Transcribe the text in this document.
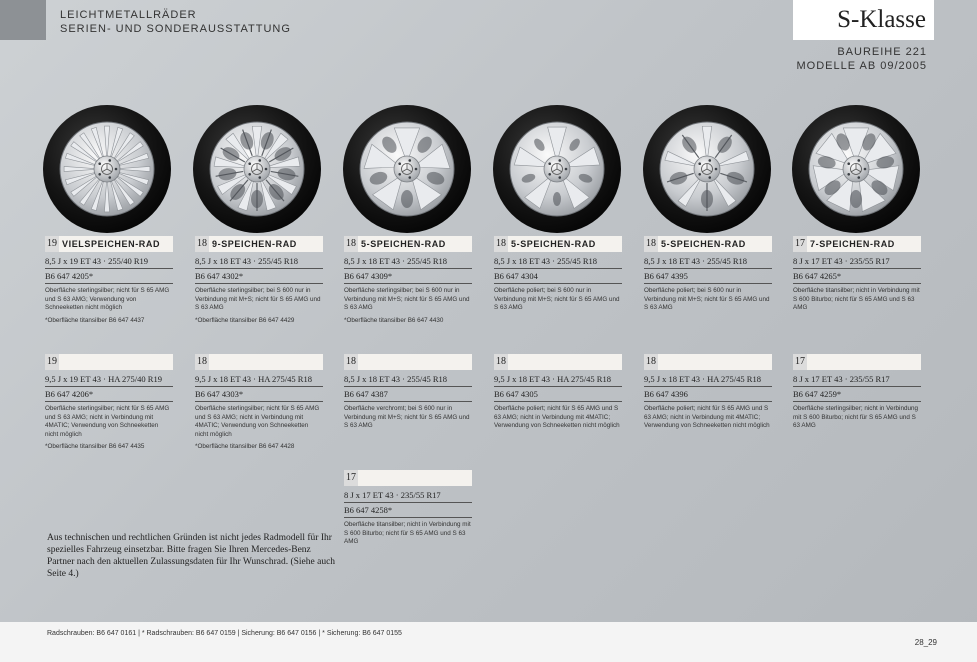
LEICHTMETALLRÄDER
SERIEN- UND SONDERAUSSTATTUNG	S-Klasse
BAUREIHE 221
MODELLE AB 09/2005
19 VIELSPEICHEN-RAD
8,5 J x 19 ET 43 · 255/40 R19
B6 647 4205*
Oberfläche sterlingsilber; nicht für S 65 AMG und S 63 AMG; Verwendung von Schneeketten nicht möglich
*Oberfläche titansilber B6 647 4437
18 9-SPEICHEN-RAD
8,5 J x 18 ET 43 · 255/45 R18
B6 647 4302*
Oberfläche sterlingsilber; bei S 600 nur in Verbindung mit M+S; nicht für S 65 AMG und S 63 AMG
*Oberfläche titansilber B6 647 4429
18 5-SPEICHEN-RAD
8,5 J x 18 ET 43 · 255/45 R18
B6 647 4309*
Oberfläche sterlingsilber; bei S 600 nur in Verbindung mit M+S; nicht für S 65 AMG und S 63 AMG
*Oberfläche titansilber B6 647 4430
18 5-SPEICHEN-RAD
8,5 J x 18 ET 43 · 255/45 R18
B6 647 4304
Oberfläche poliert; bei S 600 nur in Verbindung mit M+S; nicht für S 65 AMG und S 63 AMG
18 5-SPEICHEN-RAD
8,5 J x 18 ET 43 · 255/45 R18
B6 647 4395
Oberfläche poliert; bei S 600 nur in Verbindung mit M+S; nicht für S 65 AMG und S 63 AMG
17 7-SPEICHEN-RAD
8 J x 17 ET 43 · 235/55 R17
B6 647 4265*
Oberfläche titansilber; nicht in Verbindung mit S 600 Biturbo; nicht für S 65 AMG und S 63 AMG
19
9,5 J x 19 ET 43 · HA 275/40 R19
B6 647 4206*
Oberfläche sterlingsilber; nicht für S 65 AMG und S 63 AMG; nicht in Verbindung mit 4MATIC; Verwendung von Schneeketten nicht möglich
*Oberfläche titansilber B6 647 4435
18
9,5 J x 18 ET 43 · HA 275/45 R18
B6 647 4303*
Oberfläche sterlingsilber; nicht für S 65 AMG und S 63 AMG; nicht in Verbindung mit 4MATIC; Verwendung von Schneeketten nicht möglich
*Oberfläche titansilber B6 647 4428
18
8,5 J x 18 ET 43 · 255/45 R18
B6 647 4387
Oberfläche verchromt; bei S 600 nur in Verbindung mit M+S; nicht für S 65 AMG und S 63 AMG
18
9,5 J x 18 ET 43 · HA 275/45 R18
B6 647 4305
Oberfläche poliert; nicht für S 65 AMG und S 63 AMG; nicht in Verbindung mit 4MATIC; Verwendung von Schneeketten nicht möglich
18
9,5 J x 18 ET 43 · HA 275/45 R18
B6 647 4396
Oberfläche poliert; nicht für S 65 AMG und S 63 AMG; nicht in Verbindung mit 4MATIC; Verwendung von Schneeketten nicht möglich
17
8 J x 17 ET 43 · 235/55 R17
B6 647 4259*
Oberfläche sterlingsilber; nicht in Verbindung mit S 600 Biturbo; nicht für S 65 AMG und S 63 AMG
17
8 J x 17 ET 43 · 235/55 R17
B6 647 4258*
Oberfläche titansilber; nicht in Verbindung mit S 600 Biturbo; nicht für S 65 AMG und S 63 AMG
Aus technischen und rechtlichen Gründen ist nicht jedes Radmodell für Ihr spezielles Fahrzeug einsetzbar. Bitte fragen Sie Ihren Mercedes-Benz Partner nach den aktuellen Zulassungsdaten für Ihr Wunschrad. (Siehe auch Seite 4.)
Radschrauben: B6 647 0161 | * Radschrauben: B6 647 0159 | Sicherung: B6 647 0156 | * Sicherung: B6 647 0155
28_29
